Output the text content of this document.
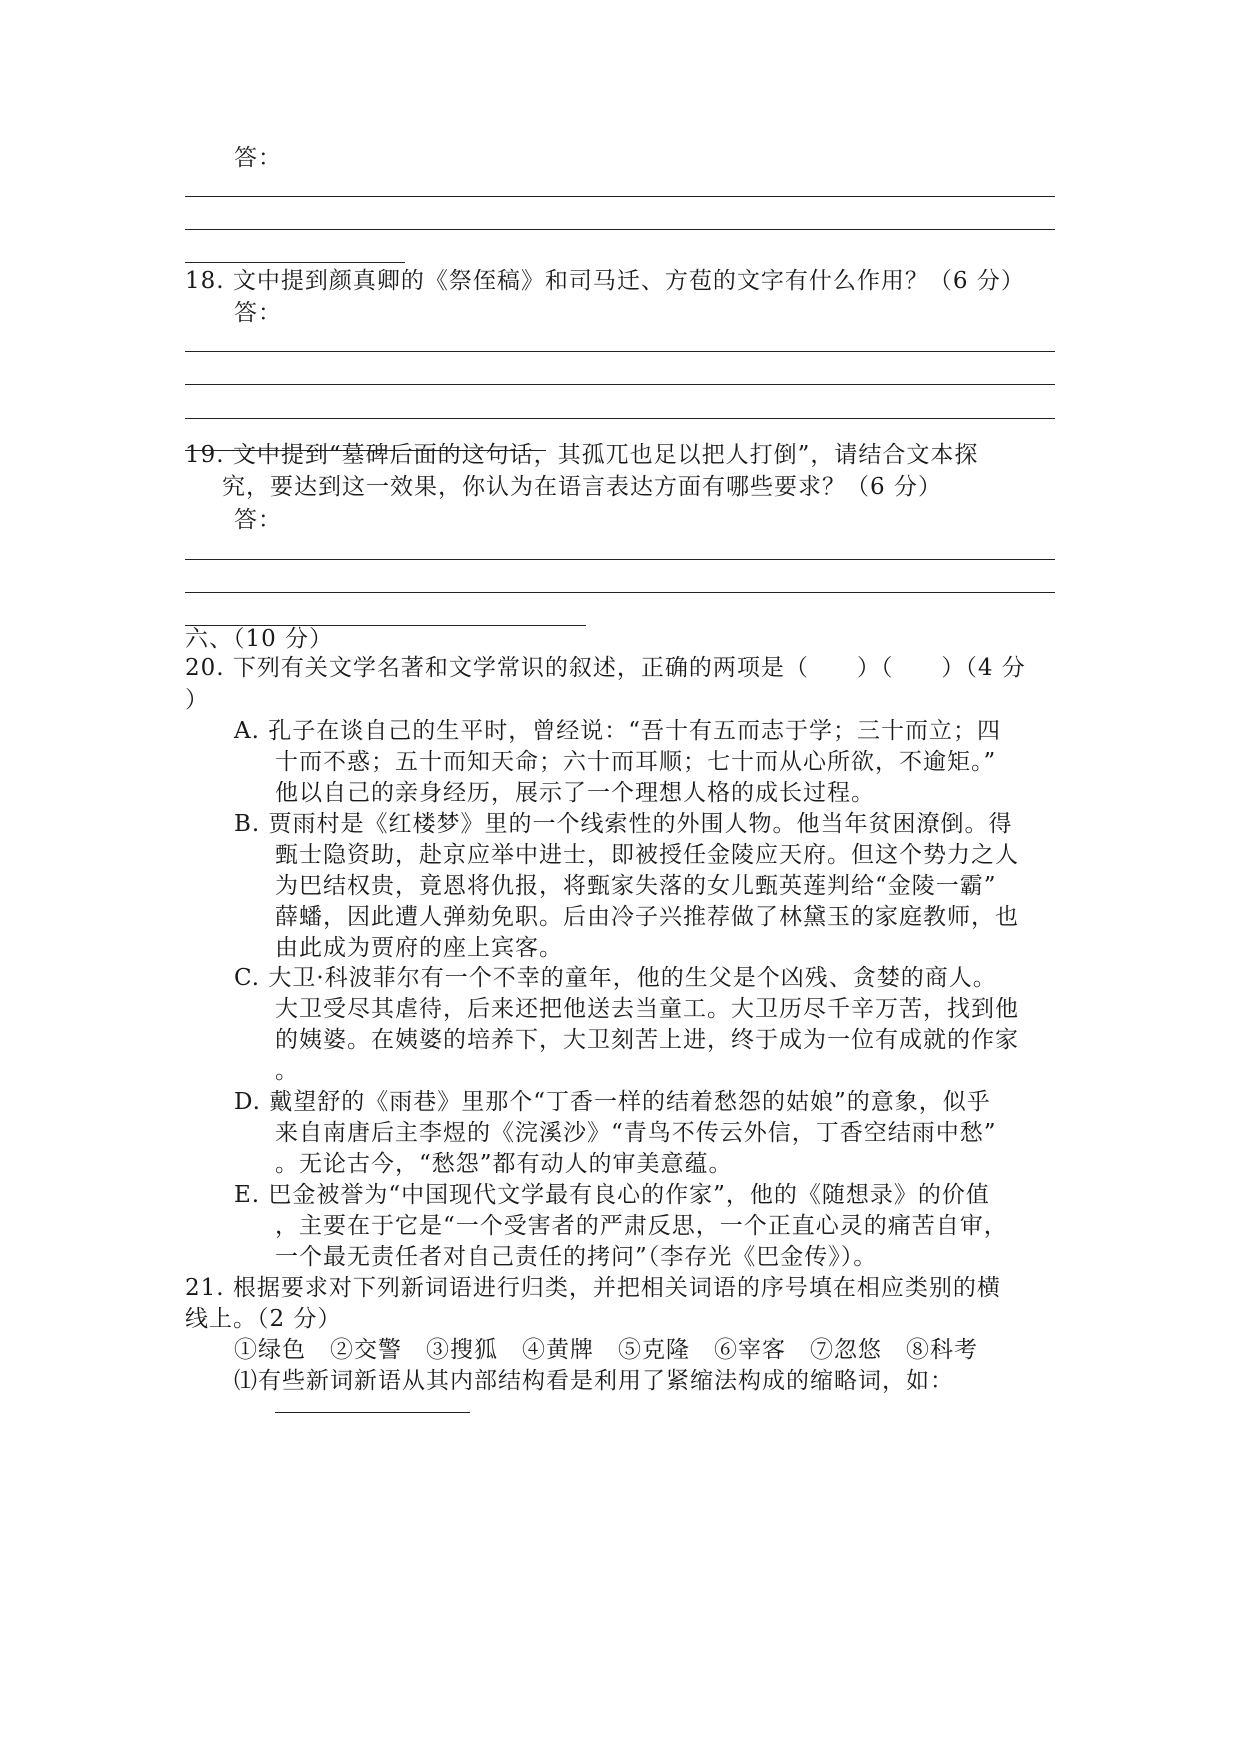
答：
18. 文中提到颜真卿的《祭侄稿》和司马迁、方苞的文字有什么作用？（6 分）
答：
19. 文中提到“墓碑后面的这句话，其孤兀也足以把人打倒”，请结合文本探
究，要达到这一效果，你认为在语言表达方面有哪些要求？（6 分）
答：
六、（10 分）
20. 下列有关文学名著和文学常识的叙述，正确的两项是（　　）（　　）（4 分
）
A. 孔子在谈自己的生平时，曾经说：“吾十有五而志于学；三十而立；四
十而不惑；五十而知天命；六十而耳顺；七十而从心所欲，不逾矩。”
他以自己的亲身经历，展示了一个理想人格的成长过程。
B. 贾雨村是《红楼梦》里的一个线索性的外围人物。他当年贫困潦倒。得
甄士隐资助，赴京应举中进士，即被授任金陵应天府。但这个势力之人
为巴结权贵，竟恩将仇报，将甄家失落的女儿甄英莲判给“金陵一霸”
薛蟠，因此遭人弹劾免职。后由冷子兴推荐做了林黛玉的家庭教师，也
由此成为贾府的座上宾客。
C. 大卫·科波菲尔有一个不幸的童年，他的生父是个凶残、贪婪的商人。
大卫受尽其虐待，后来还把他送去当童工。大卫历尽千辛万苦，找到他
的姨婆。在姨婆的培养下，大卫刻苦上进，终于成为一位有成就的作家
。
D. 戴望舒的《雨巷》里那个“丁香一样的结着愁怨的姑娘”的意象，似乎
来自南唐后主李煜的《浣溪沙》“青鸟不传云外信，丁香空结雨中愁”
。无论古今，“愁怨”都有动人的审美意蕴。
E. 巴金被誉为“中国现代文学最有良心的作家”，他的《随想录》的价值
，主要在于它是“一个受害者的严肃反思，一个正直心灵的痛苦自审，
一个最无责任者对自己责任的拷问”（李存光《巴金传》）。
21. 根据要求对下列新词语进行归类，并把相关词语的序号填在相应类别的横
线上。（2 分）
①绿色　②交警　③搜狐　④黄牌　⑤克隆　⑥宰客　⑦忽悠　⑧科考
⑴有些新词新语从其内部结构看是利用了紧缩法构成的缩略词，如：
